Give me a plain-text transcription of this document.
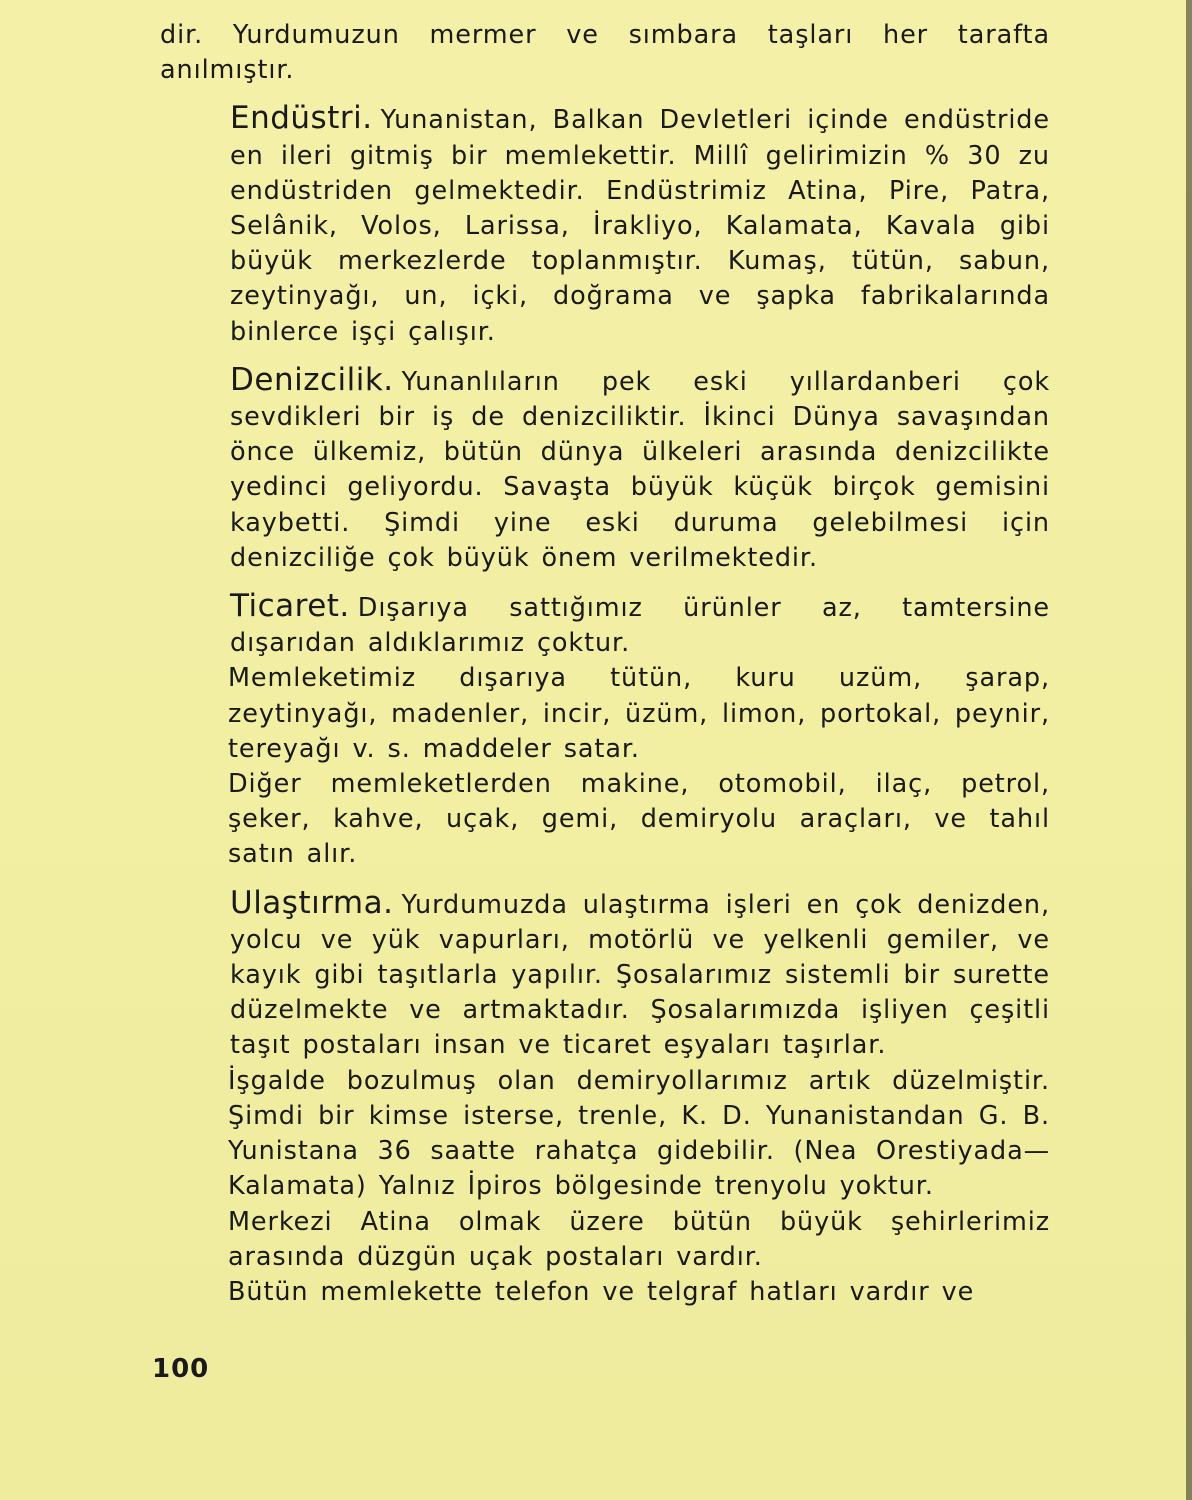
dir. Yurdumuzun mermer ve sımbara taşları her tarafta anılmıştır.

Endüstri. Yunanistan, Balkan Devletleri içinde endüstride en ileri gitmiş bir memlekettir. Millî gelirimizin % 30 zu endüstriden gelmektedir. Endüstrimiz Atina, Pire, Patra, Selânik, Volos, Larissa, İrakliyo, Kalamata, Kavala gibi büyük merkezlerde toplanmıştır. Kumaş, tütün, sabun, zeytinyağı, un, içki, doğrama ve şapka fabrikalarında binlerce işçi çalışır.

Denizcilik. Yunanlıların pek eski yıllardanberi çok sevdikleri bir iş de denizciliktir. İkinci Dünya savaşından önce ülkemiz, bütün dünya ülkeleri arasında denizcilikte yedinci geliyordu. Savaşta büyük küçük birçok gemisini kaybetti. Şimdi yine eski duruma gelebilmesi için denizciliğe çok büyük önem verilmektedir.

Ticaret. Dışarıya sattığımız ürünler az, tamtersine dışarıdan aldıklarımız çoktur.

Memleketimiz dışarıya tütün, kuru uzüm, şarap, zeytinyağı, madenler, incir, üzüm, limon, portokal, peynir, tereyağı v. s. maddeler satar.

Diğer memleketlerden makine, otomobil, ilaç, petrol, şeker, kahve, uçak, gemi, demiryolu araçları, ve tahıl satın alır.

Ulaştırma. Yurdumuzda ulaştırma işleri en çok denizden, yolcu ve yük vapurları, motörlü ve yelkenli gemiler, ve kayık gibi taşıtlarla yapılır. Şosalarımız sistemli bir surette düzelmekte ve artmaktadır. Şosalarımızda işliyen çeşitli taşıt postaları insan ve ticaret eşyaları taşırlar.

İşgalde bozulmuş olan demiryollarımız artık düzelmiştir. Şimdi bir kimse isterse, trenle, K. D. Yunanistandan G. B. Yunistana 36 saatte rahatça gidebilir. (Nea Orestiyada—Kalamata) Yalnız İpiros bölgesinde trenyolu yoktur.

Merkezi Atina olmak üzere bütün büyük şehirlerimiz arasında düzgün uçak postaları vardır.

Bütün memlekette telefon ve telgraf hatları vardır ve

100
